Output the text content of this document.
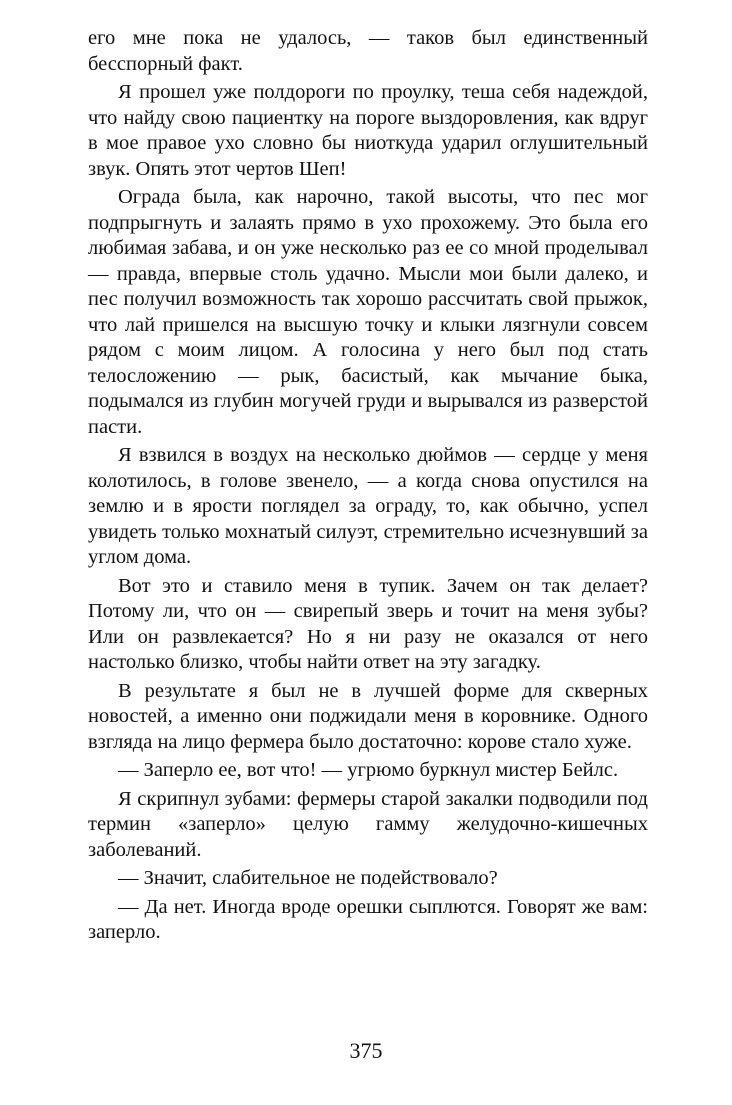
его мне пока не удалось, — таков был единственный бесспорный факт.

Я прошел уже полдороги по проулку, теша себя надеждой, что найду свою пациентку на пороге выздоровления, как вдруг в мое правое ухо словно бы ниоткуда ударил оглушительный звук. Опять этот чертов Шеп!

Ограда была, как нарочно, такой высоты, что пес мог подпрыгнуть и залаять прямо в ухо прохожему. Это была его любимая забава, и он уже несколько раз ее со мной проделывал — правда, впервые столь удачно. Мысли мои были далеко, и пес получил возможность так хорошо рассчитать свой прыжок, что лай пришелся на высшую точку и клыки лязгнули совсем рядом с моим лицом. А голосина у него был под стать телосложению — рык, басистый, как мычание быка, подымался из глубин могучей груди и вырывался из разверстой пасти.

Я взвился в воздух на несколько дюймов — сердце у меня колотилось, в голове звенело, — а когда снова опустился на землю и в ярости поглядел за ограду, то, как обычно, успел увидеть только мохнатый силуэт, стремительно исчезнувший за углом дома.

Вот это и ставило меня в тупик. Зачем он так делает? Потому ли, что он — свирепый зверь и точит на меня зубы? Или он развлекается? Но я ни разу не оказался от него настолько близко, чтобы найти ответ на эту загадку.

В результате я был не в лучшей форме для скверных новостей, а именно они поджидали меня в коровнике. Одного взгляда на лицо фермера было достаточно: корове стало хуже.

— Заперло ее, вот что! — угрюмо буркнул мистер Бейлс.

Я скрипнул зубами: фермеры старой закалки подводили под термин «заперло» целую гамму желудочно-кишечных заболеваний.

— Значит, слабительное не подействовало?

— Да нет. Иногда вроде орешки сыплются. Говорят же вам: заперло.

375
